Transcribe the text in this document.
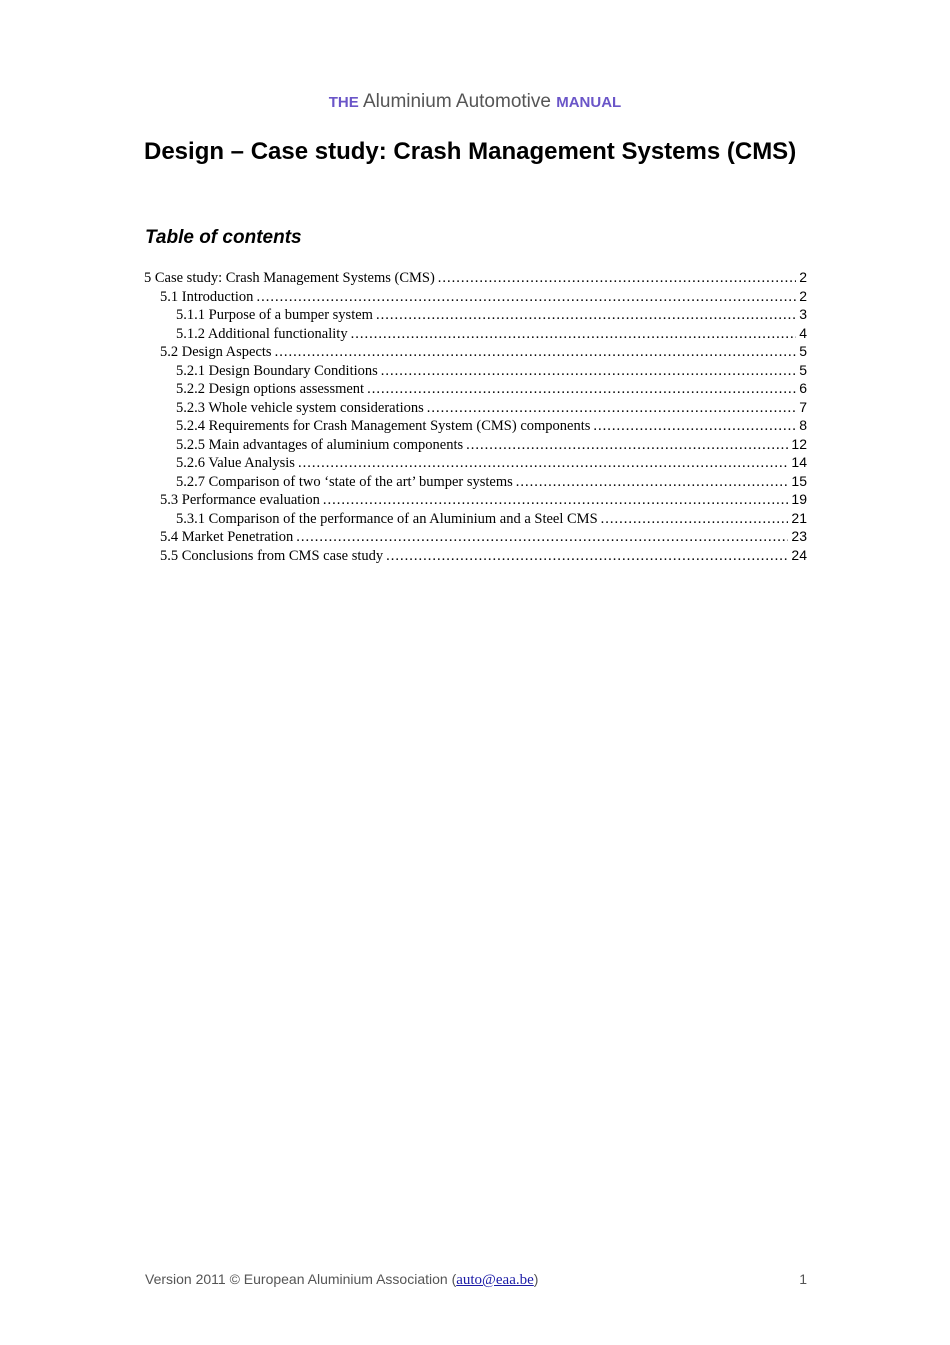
THE Aluminium Automotive MANUAL
Design – Case study: Crash Management Systems (CMS)
Table of contents
5 Case study: Crash Management Systems (CMS) .....	2
5.1 Introduction .....	2
5.1.1 Purpose of a bumper system .....	3
5.1.2 Additional functionality .....	4
5.2 Design Aspects .....	5
5.2.1 Design Boundary Conditions .....	5
5.2.2 Design options assessment .....	6
5.2.3 Whole vehicle system considerations .....	7
5.2.4 Requirements for Crash Management System (CMS) components .....	8
5.2.5 Main advantages of aluminium components .....	12
5.2.6 Value Analysis .....	14
5.2.7 Comparison of two ‘state of the art’ bumper systems .....	15
5.3 Performance evaluation .....	19
5.3.1 Comparison of the performance of an Aluminium and a Steel CMS .....	21
5.4 Market Penetration .....	23
5.5 Conclusions from CMS case study .....	24
Version 2011 © European Aluminium Association (auto@eaa.be)	1
